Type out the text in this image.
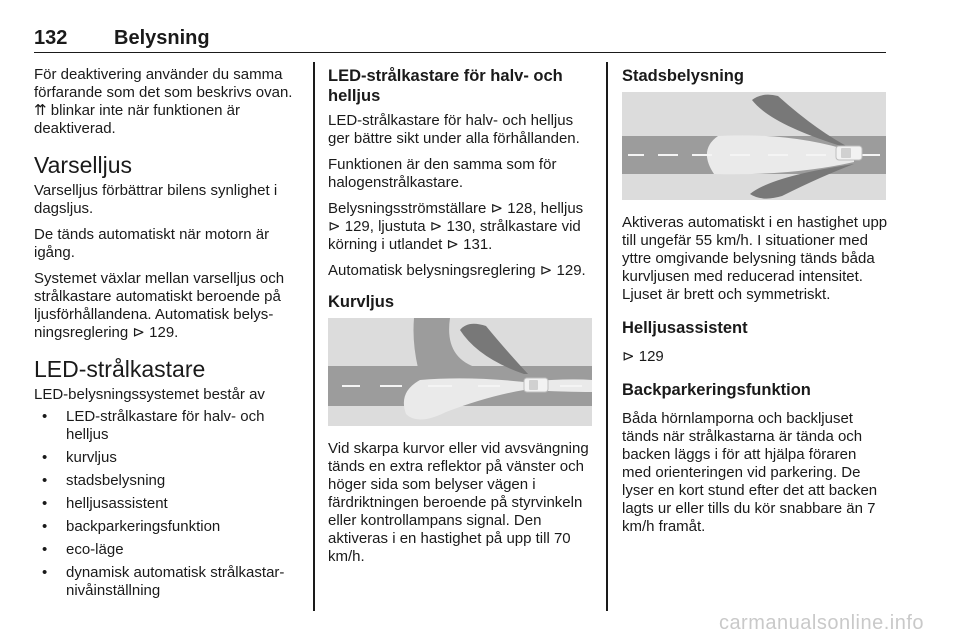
132 Belysning

För deaktivering använder du samma förfarande som det som beskrivs ovan. ⇈ blinkar inte när funktionen är deaktiverad.

Varselljus

Varselljus förbättrar bilens synlighet i dagsljus.

De tänds automatiskt när motorn är igång.

Systemet växlar mellan varselljus och strålkastare automatiskt beroende på ljusförhållandena. Automatisk belysningsreglering ⊳ 129.

LED-strålkastare

LED-belysningssystemet består av

• LED-strålkastare för halv- och helljus
• kurvljus
• stadsbelysning
• helljusassistent
• backparkeringsfunktion
• eco-läge
• dynamisk automatisk strålkastarnivåinställning
LED-strålkastare för halv- och helljus

LED-strålkastare för halv- och helljus ger bättre sikt under alla förhållanden.

Funktionen är den samma som för halogenstrålkastare.

Belysningsströmställare ⊳ 128, helljus ⊳ 129, ljustuta ⊳ 130, strålkastare vid körning i utlandet ⊳ 131.

Automatisk belysningsreglering ⊳ 129.

Kurvljus

Vid skarpa kurvor eller vid avsvängning tänds en extra reflektor på vänster och höger sida som belyser vägen i färdriktningen beroende på styrvinkeln eller kontrollampans signal. Den aktiveras i en hastighet på upp till 70 km/h.

Stadsbelysning

Aktiveras automatiskt i en hastighet upp till ungefär 55 km/h. I situationer med yttre omgivande belysning tänds båda kurvljusen med reducerad intensitet. Ljuset är brett och symmetriskt.

Helljusassistent

⊳ 129

Backparkeringsfunktion

Båda hörnlamporna och backljuset tänds när strålkastarna är tända och backen läggs i för att hjälpa föraren med orienteringen vid parkering. De lyser en kort stund efter det att backen lagts ur eller tills du kör snabbare än 7 km/h framåt.

carmanualsonline.info
